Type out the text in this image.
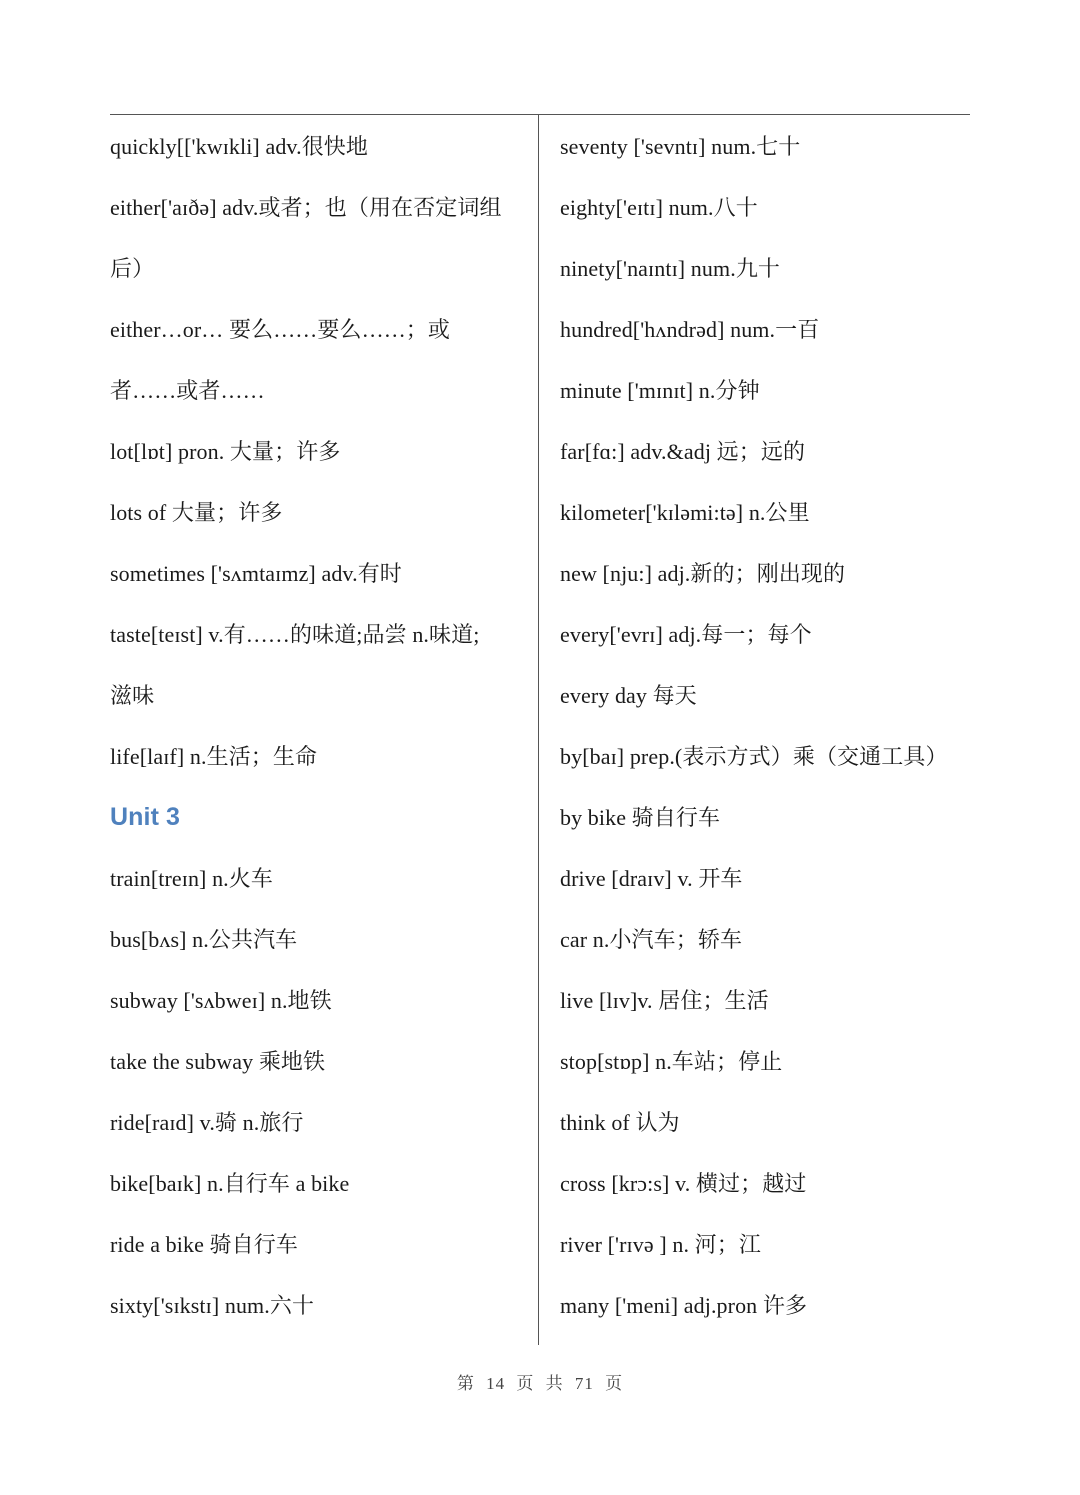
quickly[['kwɪkli] adv.很快地
either['aɪðə] adv.或者；也（用在否定词组
后）
either…or… 要么……要么……；或
者……或者……
lot[lɒt] pron. 大量；许多
lots of 大量；许多
sometimes ['sʌmtaɪmz] adv.有时
taste[teɪst] v.有……的味道;品尝 n.味道;
滋味
life[laɪf] n.生活；生命
Unit 3
train[treɪn] n.火车
bus[bʌs] n.公共汽车
subway ['sʌbweɪ] n.地铁
take the subway 乘地铁
ride[raɪd] v.骑 n.旅行
bike[baɪk] n.自行车 a bike
ride a bike 骑自行车
sixty['sɪkstɪ] num.六十
seventy ['sevntɪ] num.七十
eighty['eɪtɪ] num.八十
ninety['naɪntɪ] num.九十
hundred['hʌndrəd] num.一百
minute ['mɪnɪt] n.分钟
far[fɑ:] adv.&adj 远；远的
kilometer['kɪləmi:tə] n.公里
new [nju:] adj.新的；刚出现的
every['evrɪ] adj.每一；每个
every day 每天
by[baɪ] prep.(表示方式）乘（交通工具）
by bike 骑自行车
drive [draɪv] v. 开车
car n.小汽车；轿车
live [lɪv]v. 居住；生活
stop[stɒp] n.车站；停止
think of 认为
cross [krɔ:s] v. 横过；越过
river ['rɪvə ] n. 河；江
many ['meni] adj.pron 许多
第 14 页 共 71 页
